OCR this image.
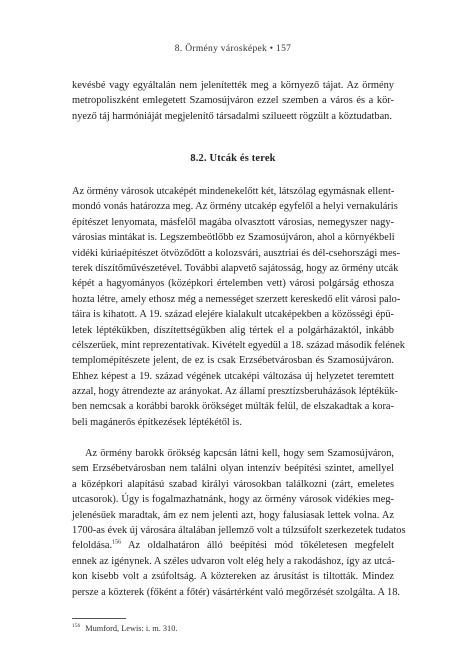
8. Örmény városképek • 157
kevésbé vagy egyáltalán nem jelenítették meg a környező tájat. Az örmény
metropoliszként emlegetett Szamosújváron ezzel szemben a város és a kör-
nyező táj harmóniáját megjelenítő társadalmi szilueett rögzült a köztudatban.
8.2. Utcák és terek
Az örmény városok utcaképét mindenekelőtt két, látszólag egymásnak ellent-
mondó vonás határozza meg. Az örmény utcakép egyfelől a helyi vernakuláris
építészet lenyomata, másfelől magába olvasztott városias, nemegyszer nagy-
városias mintákat is. Legszembeötlőbb ez Szamosújváron, ahol a környékbeli
vidéki kúriaépítészet ötvöződött a kolozsvári, ausztriai és dél-csehországi mes-
terek díszítőművészetével. További alapvető sajátosság, hogy az örmény utcák
képét a hagyományos (középkori értelemben vett) városi polgárság ethosza
hozta létre, amely ethosz még a nemességet szerzett kereskedő elit városi palo-
táira is kihatott. A 19. század elejére kialakult utcaképekben a közösségi épü-
letek léptékükben, díszítettségükben alig tértek el a polgárházaktól, inkább
célszerűek, mint reprezentatívak. Kivételt egyedül a 18. század második felének
templomépítészete jelent, de ez is csak Erzsébetvárosban és Szamosújváron.
Ehhez képest a 19. század végének utcaképi változása új helyzetet teremtett
azzal, hogy átrendezte az arányokat. Az államí presztízsberuházások léptékük-
ben nemcsak a korábbi barokk örökséget múlták felül, de elszakadtak a kora-
beli magánerős építkezések léptékétől is.
Az örmény barokk örökség kapcsán látni kell, hogy sem Szamosújváron,
sem Erzsébetvárosban nem találni olyan intenzív beépítési szintet, amellyel
a középkori alapítású szabad királyi városokban találkozni (zárt, emeletes
utcasorok). Úgy is fogalmazhatnánk, hogy az örmény városok vidékies meg-
jelenésűek maradtak, ám ez nem jelenti azt, hogy falusiasak lettek volna. Az
1700-as évek új városára általában jellemző volt a túlzsúfolt szerkezetek tudatos
feloldása.$^{156}$ Az oldalhatáron álló beépítési mód tökéletesen megfelelt
ennek az igénynek. A széles udvaron volt elég hely a rakodáshoz, így az utcá-
kon kisebb volt a zsúfoltság. A köztereken az árusítást is tiltották. Mindez
persze a közterek (főként a főtér) vásártérként való megőrzését szolgálta. A 18.
$^{156}$ Mumford, Lewis: i. m. 310.
